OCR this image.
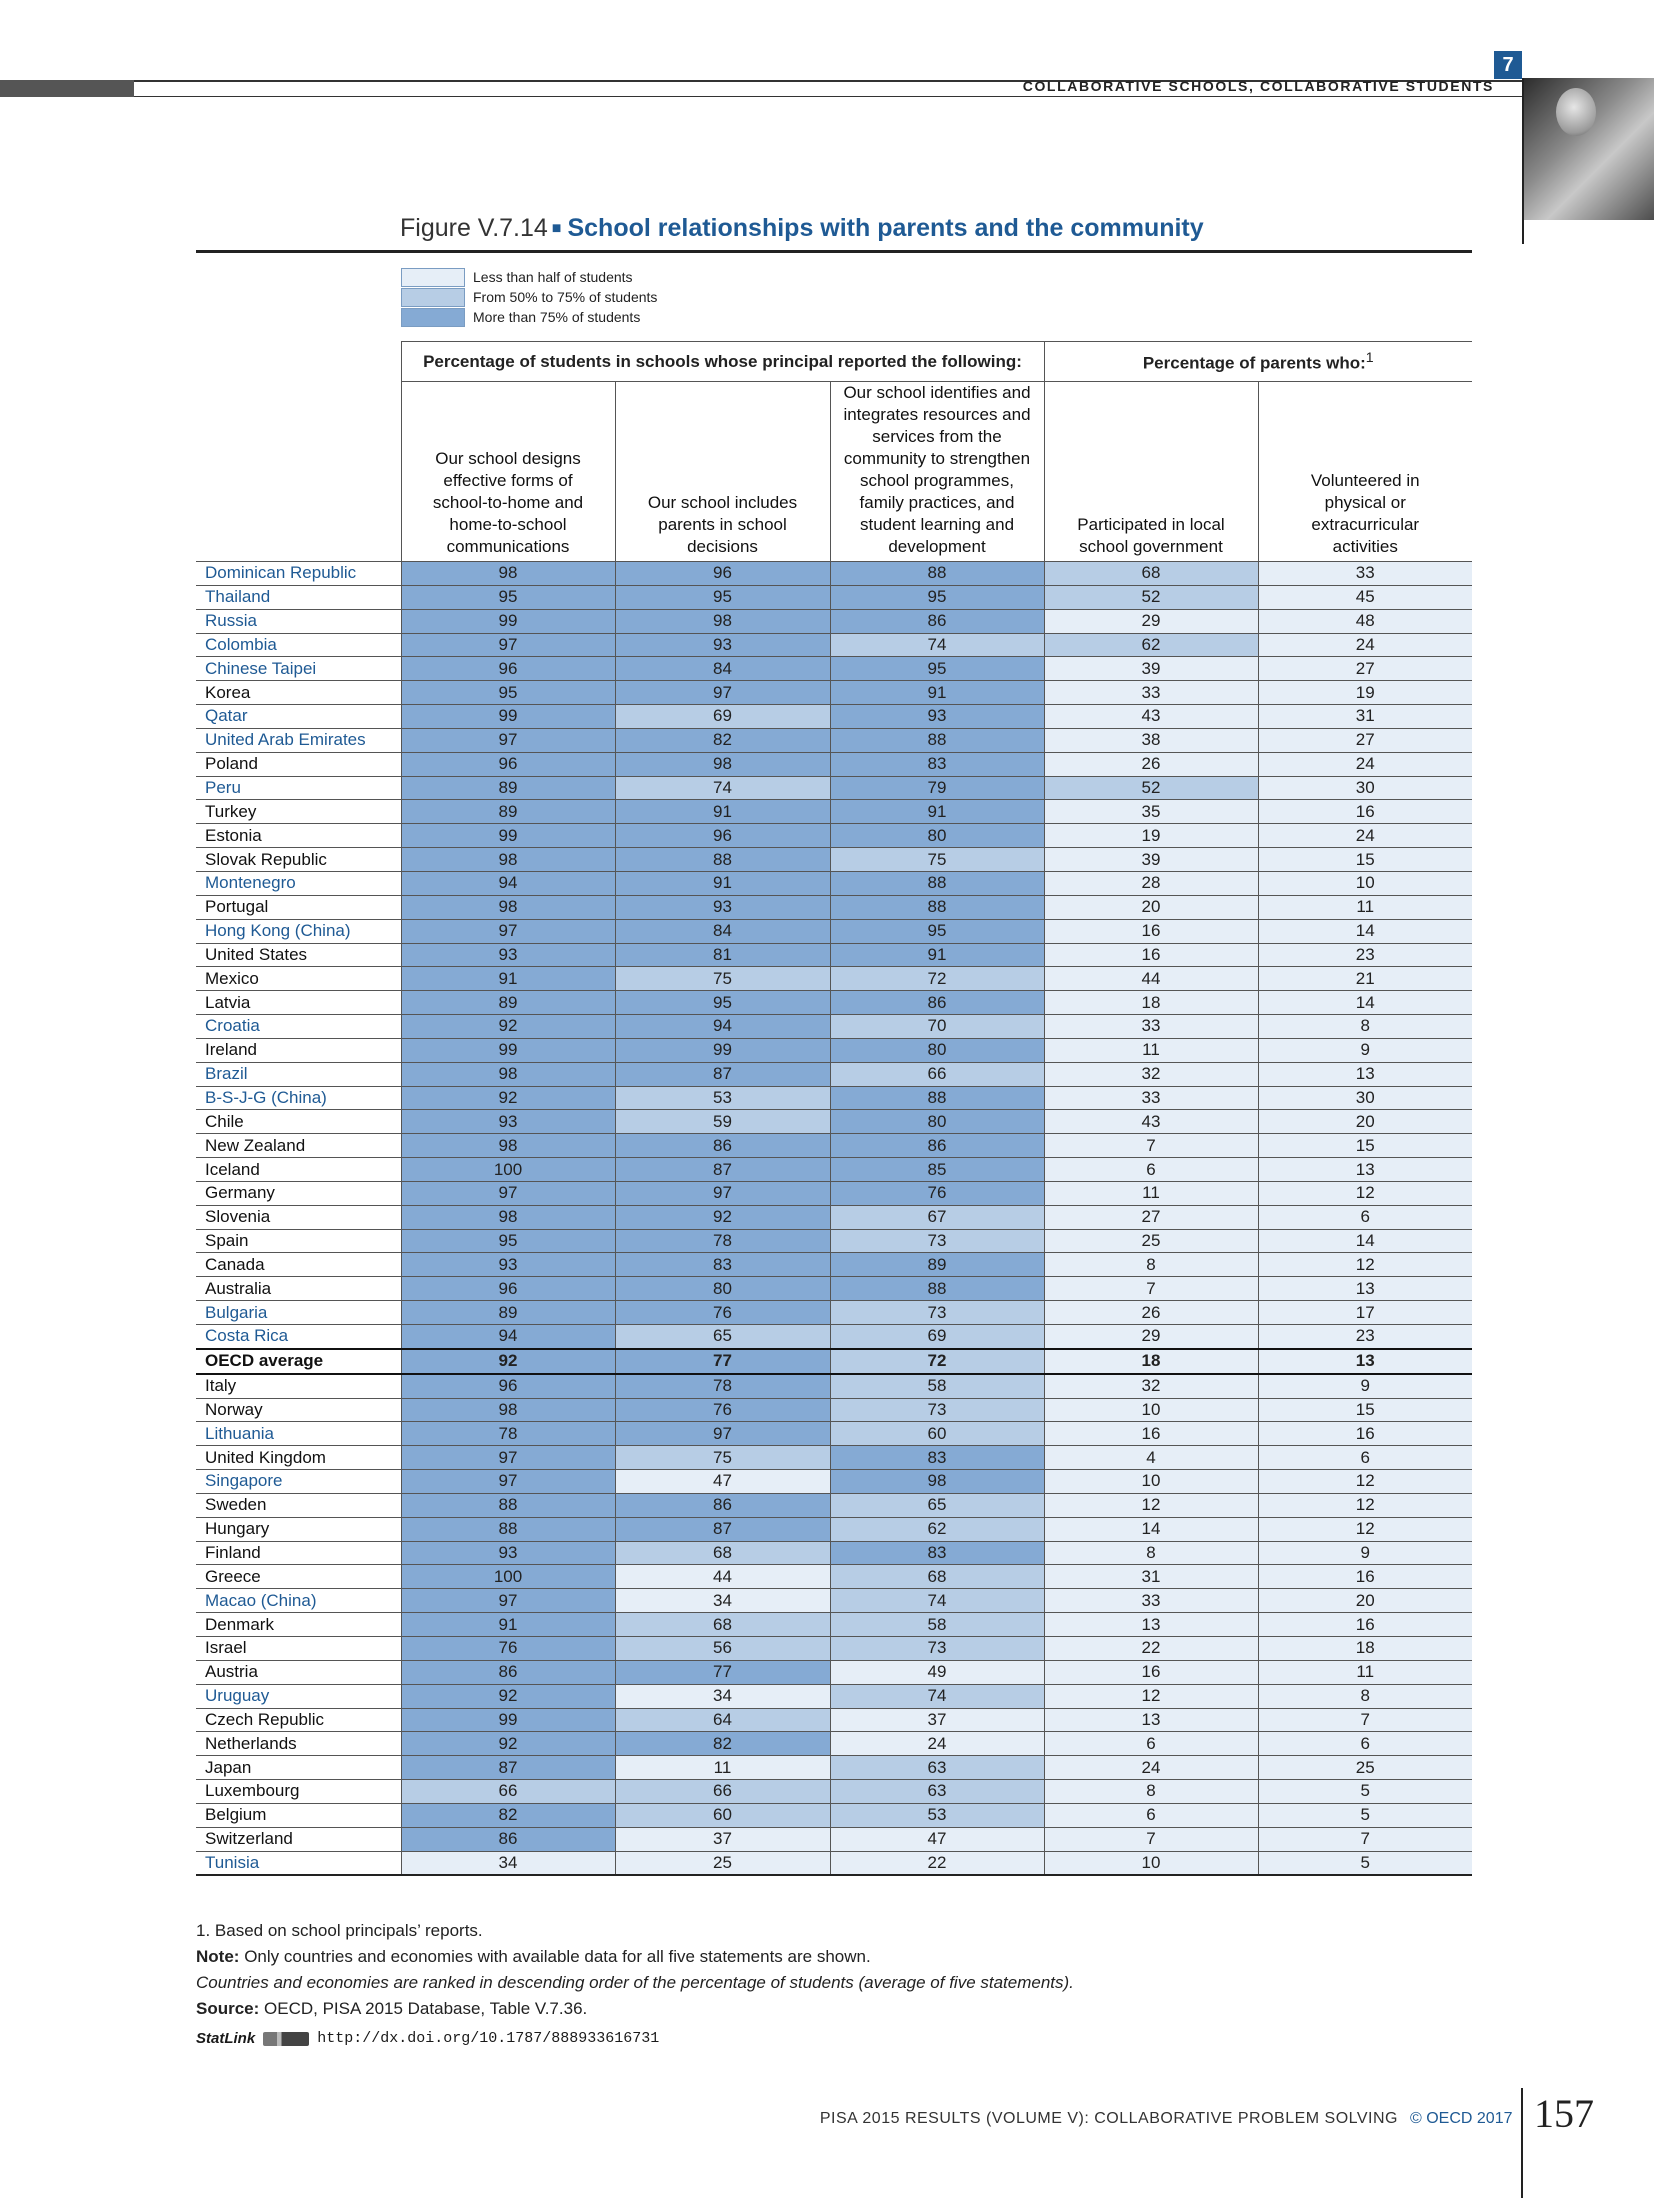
7
COLLABORATIVE SCHOOLS, COLLABORATIVE STUDENTS
Figure V.7.14 ■ School relationships with parents and the community
Less than half of students
From 50% to 75% of students
More than 75% of students
	Percentage of students in schools whose principal reported the following:			Percentage of parents who:$^1$
	Our school designs effective forms of school-to-home and home-to-school communications	Our school includes parents in school decisions	Our school identifies and integrates resources and services from the community to strengthen school programmes, family practices, and student learning and development	Participated in local school government	Volunteered in physical or extracurricular activities
Dominican Republic	98	96	88	68	33
Thailand	95	95	95	52	45
Russia	99	98	86	29	48
Colombia	97	93	74	62	24
Chinese Taipei	96	84	95	39	27
Korea	95	97	91	33	19
Qatar	99	69	93	43	31
United Arab Emirates	97	82	88	38	27
Poland	96	98	83	26	24
Peru	89	74	79	52	30
Turkey	89	91	91	35	16
Estonia	99	96	80	19	24
Slovak Republic	98	88	75	39	15
Montenegro	94	91	88	28	10
Portugal	98	93	88	20	11
Hong Kong (China)	97	84	95	16	14
United States	93	81	91	16	23
Mexico	91	75	72	44	21
Latvia	89	95	86	18	14
Croatia	92	94	70	33	8
Ireland	99	99	80	11	9
Brazil	98	87	66	32	13
B-S-J-G (China)	92	53	88	33	30
Chile	93	59	80	43	20
New Zealand	98	86	86	7	15
Iceland	100	87	85	6	13
Germany	97	97	76	11	12
Slovenia	98	92	67	27	6
Spain	95	78	73	25	14
Canada	93	83	89	8	12
Australia	96	80	88	7	13
Bulgaria	89	76	73	26	17
Costa Rica	94	65	69	29	23
OECD average	92	77	72	18	13
Italy	96	78	58	32	9
Norway	98	76	73	10	15
Lithuania	78	97	60	16	16
United Kingdom	97	75	83	4	6
Singapore	97	47	98	10	12
Sweden	88	86	65	12	12
Hungary	88	87	62	14	12
Finland	93	68	83	8	9
Greece	100	44	68	31	16
Macao (China)	97	34	74	33	20
Denmark	91	68	58	13	16
Israel	76	56	73	22	18
Austria	86	77	49	16	11
Uruguay	92	34	74	12	8
Czech Republic	99	64	37	13	7
Netherlands	92	82	24	6	6
Japan	87	11	63	24	25
Luxembourg	66	66	63	8	5
Belgium	82	60	53	6	5
Switzerland	86	37	47	7	7
Tunisia	34	25	22	10	5
1. Based on school principals’ reports.
Note: Only countries and economies with available data for all five statements are shown.
Countries and economies are ranked in descending order of the percentage of students (average of five statements).
Source: OECD, PISA 2015 Database, Table V.7.36.
StatLink	http://dx.doi.org/10.1787/888933616731
PISA 2015 RESULTS (VOLUME V): COLLABORATIVE PROBLEM SOLVING © OECD 2017 157
